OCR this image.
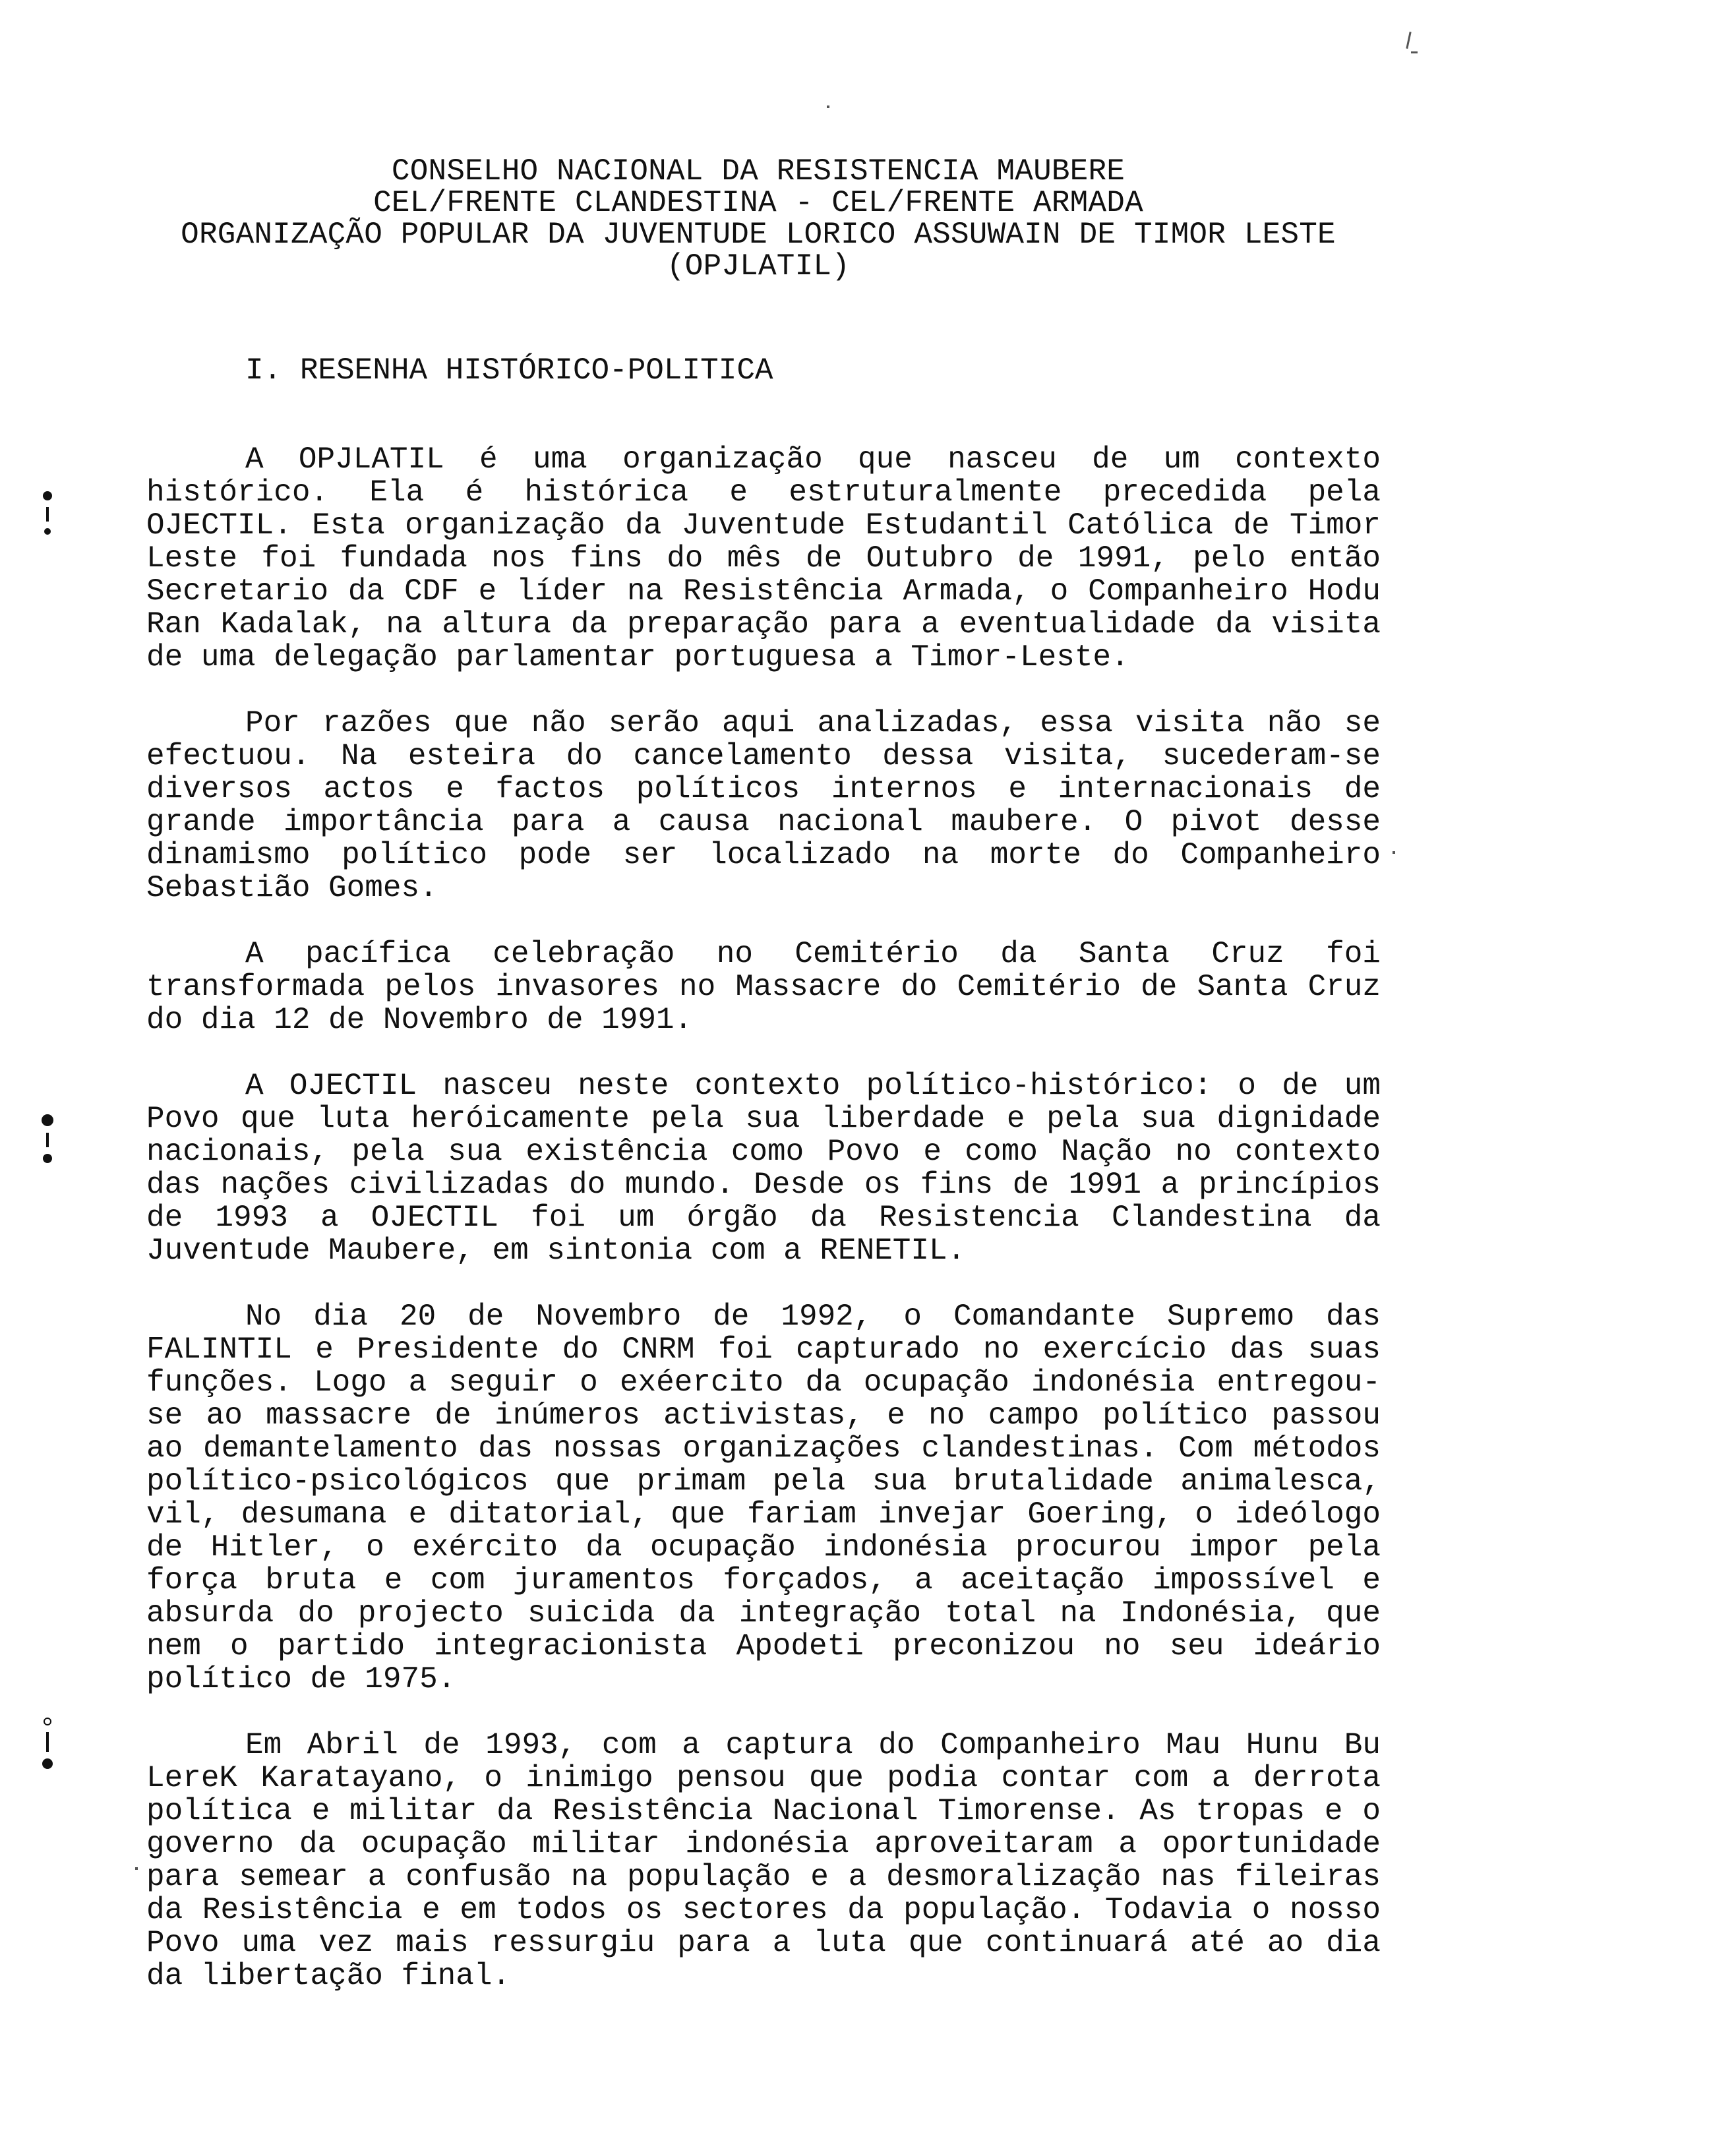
CONSELHO NACIONAL DA RESISTENCIA MAUBERE
CEL/FRENTE CLANDESTINA - CEL/FRENTE ARMADA
ORGANIZAÇÃO POPULAR DA JUVENTUDE LORICO ASSUWAIN DE TIMOR LESTE
(OPJLATIL)
I. RESENHA HISTÓRICO-POLITICA

A OPJLATIL é uma organização que nasceu de um contexto histórico. Ela é histórica e estruturalmente precedida pela OJECTIL. Esta organização da Juventude Estudantil Católica de Timor Leste foi fundada nos fins do mês de Outubro de 1991, pelo então Secretario da CDF e líder na Resistência Armada, o Companheiro Hodu Ran Kadalak, na altura da preparação para a eventualidade da visita de uma delegação parlamentar portuguesa a Timor-Leste.

Por razões que não serão aqui analizadas, essa visita não se efectuou. Na esteira do cancelamento dessa visita, sucederam-se diversos actos e factos políticos internos e internacionais de grande importância para a causa nacional maubere. O pivot desse dinamismo político pode ser localizado na morte do Companheiro Sebastião Gomes.

A pacífica celebração no Cemitério da Santa Cruz foi transformada pelos invasores no Massacre do Cemitério de Santa Cruz do dia 12 de Novembro de 1991.

A OJECTIL nasceu neste contexto político-histórico: o de um Povo que luta heróicamente pela sua liberdade e pela sua dignidade nacionais, pela sua existência como Povo e como Nação no contexto das nações civilizadas do mundo. Desde os fins de 1991 a princípios de 1993 a OJECTIL foi um órgão da Resistencia Clandestina da Juventude Maubere, em sintonia com a RENETIL.

No dia 20 de Novembro de 1992, o Comandante Supremo das FALINTIL e Presidente do CNRM foi capturado no exercício das suas funções. Logo a seguir o exéercito da ocupação indonésia entregou-se ao massacre de inúmeros activistas, e no campo político passou ao demantelamento das nossas organizações clandestinas. Com métodos político-psicológicos que primam pela sua brutalidade animalesca, vil, desumana e ditatorial, que fariam invejar Goering, o ideólogo de Hitler, o exército da ocupação indonésia procurou impor pela força bruta e com juramentos forçados, a aceitação impossível e absurda do projecto suicida da integração total na Indonésia, que nem o partido integracionista Apodeti preconizou no seu ideário político de 1975.

Em Abril de 1993, com a captura do Companheiro Mau Hunu Bu LereK Karatayano, o inimigo pensou que podia contar com a derrota política e militar da Resistência Nacional Timorense. As tropas e o governo da ocupação militar indonésia aproveitaram a oportunidade para semear a confusão na população e a desmoralização nas fileiras da Resistência e em todos os sectores da população. Todavia o nosso Povo uma vez mais ressurgiu para a luta que continuará até ao dia da libertação final.
